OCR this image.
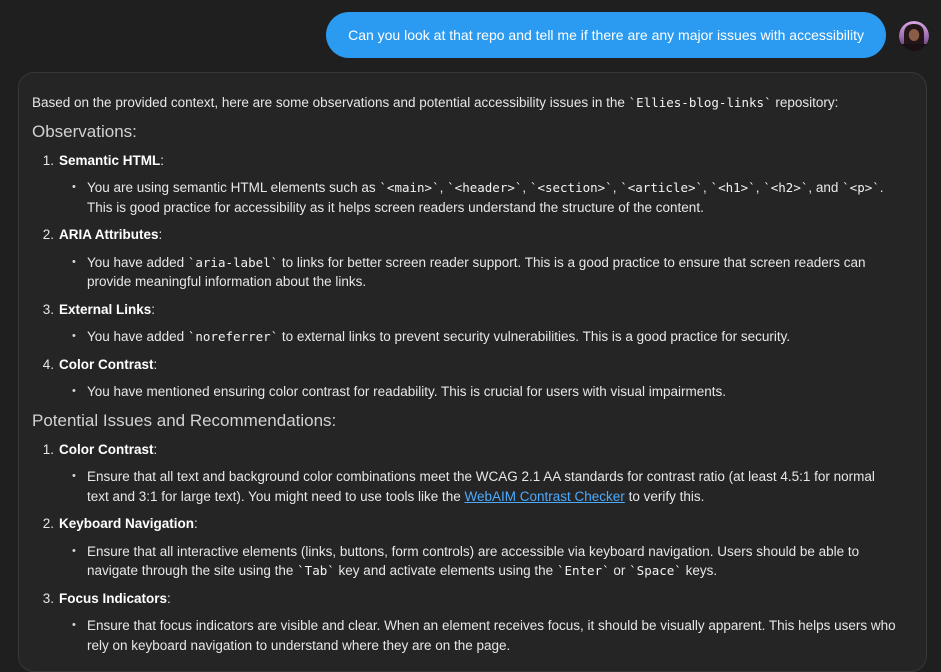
Can you look at that repo and tell me if there are any major issues with accessibility

Based on the provided context, here are some observations and potential accessibility issues in the `Ellies-blog-links` repository:

Observations:
1. Semantic HTML:
• You are using semantic HTML elements such as `<main>`, `<header>`, `<section>`, `<article>`, `<h1>`, `<h2>`, and `<p>`. This is good practice for accessibility as it helps screen readers understand the structure of the content.
2. ARIA Attributes:
• You have added `aria-label` to links for better screen reader support. This is a good practice to ensure that screen readers can provide meaningful information about the links.
3. External Links:
• You have added `noreferrer` to external links to prevent security vulnerabilities. This is a good practice for security.
4. Color Contrast:
• You have mentioned ensuring color contrast for readability. This is crucial for users with visual impairments.
Potential Issues and Recommendations:
1. Color Contrast:
• Ensure that all text and background color combinations meet the WCAG 2.1 AA standards for contrast ratio (at least 4.5:1 for normal text and 3:1 for large text). You might need to use tools like the WebAIM Contrast Checker to verify this.
2. Keyboard Navigation:
• Ensure that all interactive elements (links, buttons, form controls) are accessible via keyboard navigation. Users should be able to navigate through the site using the `Tab` key and activate elements using the `Enter` or `Space` keys.
3. Focus Indicators:
• Ensure that focus indicators are visible and clear. When an element receives focus, it should be visually apparent. This helps users who rely on keyboard navigation to understand where they are on the page.
